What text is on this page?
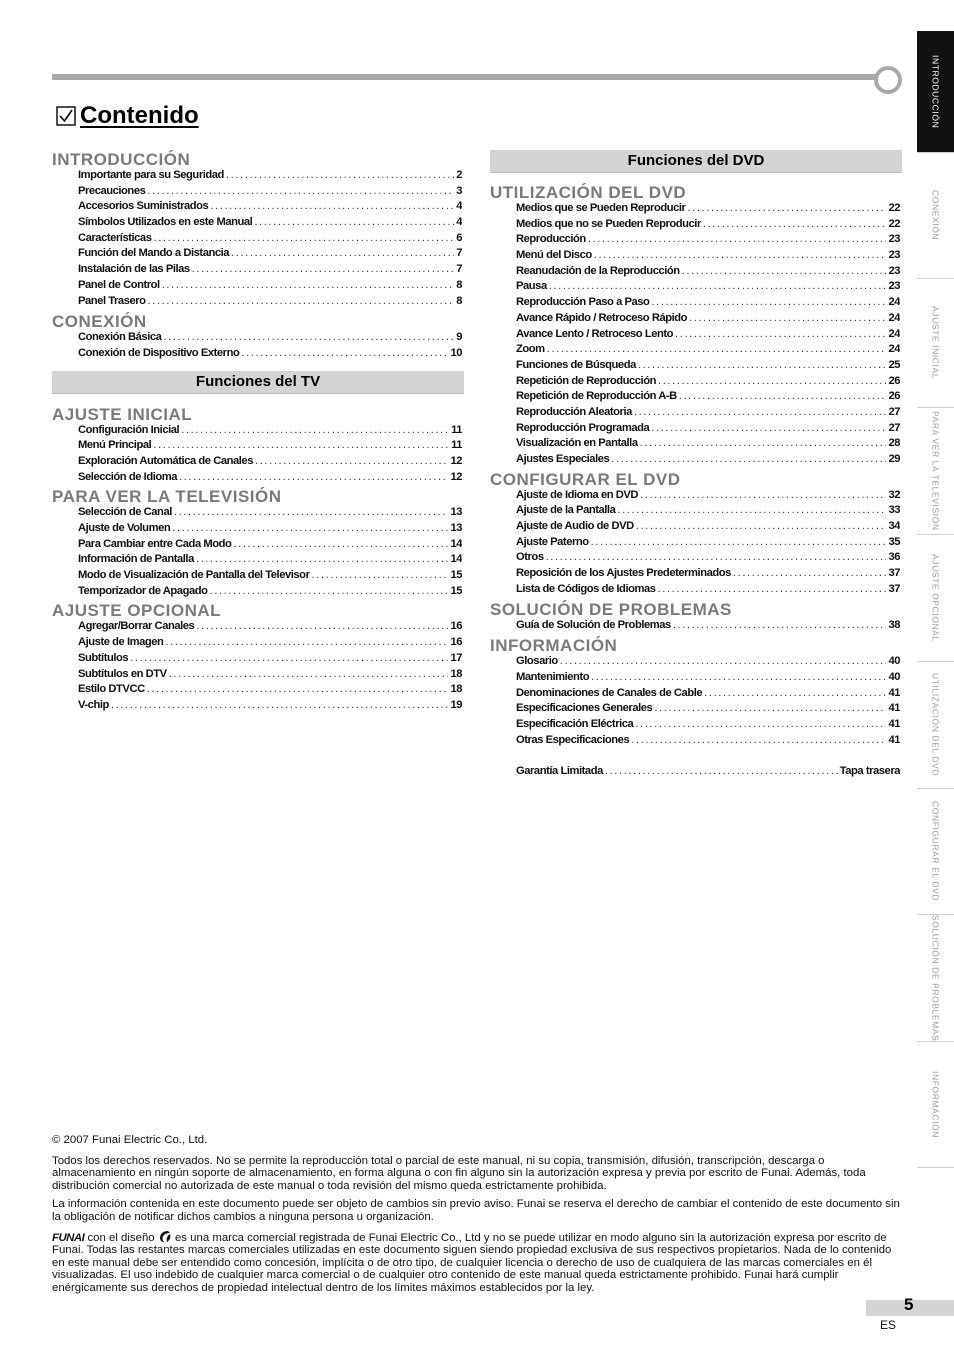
Contenido
INTRODUCCIÓN
Importante para su Seguridad .....	2
Precauciones .....	3
Accesorios Suministrados .....	4
Símbolos Utilizados en este Manual .....	4
Características .....	6
Función del Mando a Distancia .....	7
Instalación de las Pilas .....	7
Panel de Control .....	8
Panel Trasero .....	8
CONEXIÓN
Conexión Básica .....	9
Conexión de Dispositivo Externo .....	10
Funciones del TV
AJUSTE INICIAL
Configuración Inicial .....	11
Menú Principal .....	11
Exploración Automática de Canales .....	12
Selección de Idioma .....	12
PARA VER LA TELEVISIÓN
Selección de Canal .....	13
Ajuste de Volumen .....	13
Para Cambiar entre Cada Modo .....	14
Información de Pantalla .....	14
Modo de Visualización de Pantalla del Televisor .....	15
Temporizador de Apagado .....	15
AJUSTE OPCIONAL
Agregar/Borrar Canales .....	16
Ajuste de Imagen .....	16
Subtítulos .....	17
Subtítulos en DTV .....	18
Estilo DTVCC .....	18
V-chip .....	19
Funciones del DVD
UTILIZACIÓN DEL DVD
Medios que se Pueden Reproducir .....	22
Medios que no se Pueden Reproducir .....	22
Reproducción .....	23
Menú del Disco .....	23
Reanudación de la Reproducción .....	23
Pausa .....	23
Reproducción Paso a Paso .....	24
Avance Rápido / Retroceso Rápido .....	24
Avance Lento / Retroceso Lento .....	24
Zoom .....	24
Funciones de Búsqueda .....	25
Repetición de Reproducción .....	26
Repetición de Reproducción A-B .....	26
Reproducción Aleatoria .....	27
Reproducción Programada .....	27
Visualización en Pantalla .....	28
Ajustes Especiales .....	29
CONFIGURAR EL DVD
Ajuste de Idioma en DVD .....	32
Ajuste de la Pantalla .....	33
Ajuste de Audio de DVD .....	34
Ajuste Paterno .....	35
Otros .....	36
Reposición de los Ajustes Predeterminados .....	37
Lista de Códigos de Idiomas .....	37
SOLUCIÓN DE PROBLEMAS
Guía de Solución de Problemas .....	38
INFORMACIÓN
Glosario .....	40
Mantenimiento .....	40
Denominaciones de Canales de Cable .....	41
Especificaciones Generales .....	41
Especificación Eléctrica .....	41
Otras Especificaciones .....	41
Garantía Limitada .....	Tapa trasera
INTRODUCCIÓN
CONEXIÓN
AJUSTE INICIAL
PARA VER LA TELEVISIÓN
AJUSTE OPCIONAL
UTILIZACIÓN DEL DVD
CONFIGURAR EL DVD
SOLUCIÓN DE PROBLEMAS
INFORMACIÓN

© 2007 Funai Electric Co., Ltd.

Todos los derechos reservados. No se permite la reproducción total o parcial de este manual, ni su copia, transmisión, difusión, transcripción, descarga o almacenamiento en ningún soporte de almacenamiento, en forma alguna o con fin alguno sin la autorización expresa y previa por escrito de Funai. Además, toda distribución comercial no autorizada de este manual o toda revisión del mismo queda estrictamente prohibida.

La información contenida en este documento puede ser objeto de cambios sin previo aviso. Funai se reserva el derecho de cambiar el contenido de este documento sin la obligación de notificar dichos cambios a ninguna persona u organización.

FUNAI con el diseño es una marca comercial registrada de Funai Electric Co., Ltd y no se puede utilizar en modo alguno sin la autorización expresa por escrito de Funai. Todas las restantes marcas comerciales utilizadas en este documento siguen siendo propiedad exclusiva de sus respectivos propietarios. Nada de lo contenido en este manual debe ser entendido como concesión, implícita o de otro tipo, de cualquier licencia o derecho de uso de cualquiera de las marcas comerciales en él visualizadas. El uso indebido de cualquier marca comercial o de cualquier otro contenido de este manual queda estrictamente prohibido. Funai hará cumplir enérgicamente sus derechos de propiedad intelectual dentro de los límites máximos establecidos por la ley.

5
ES
